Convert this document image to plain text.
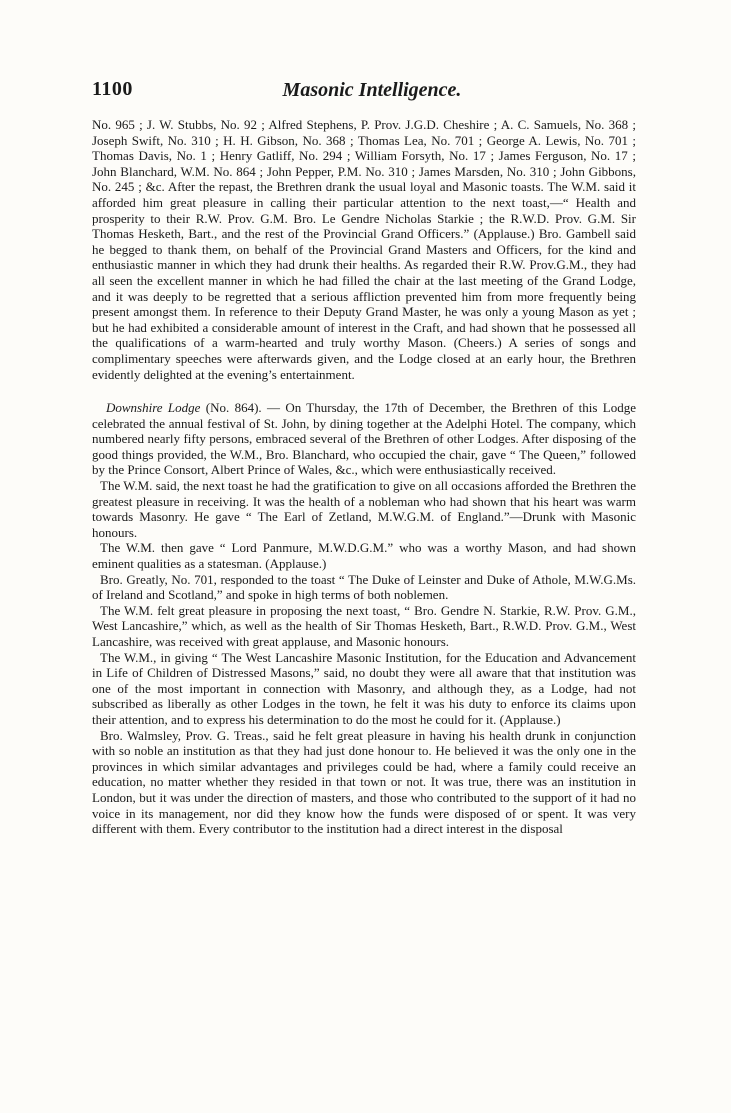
1100	Masonic Intelligence.

No. 965 ; J. W. Stubbs, No. 92 ; Alfred Stephens, P. Prov. J.G.D. Cheshire ; A. C. Samuels, No. 368 ; Joseph Swift, No. 310 ; H. H. Gibson, No. 368 ; Thomas Lea, No. 701 ; George A. Lewis, No. 701 ; Thomas Davis, No. 1 ; Henry Gatliff, No. 294 ; William Forsyth, No. 17 ; James Ferguson, No. 17 ; John Blanchard, W.M. No. 864 ; John Pepper, P.M. No. 310 ; James Marsden, No. 310 ; John Gibbons, No. 245 ; &c. After the repast, the Brethren drank the usual loyal and Masonic toasts. The W.M. said it afforded him great pleasure in calling their particular attention to the next toast,—“ Health and prosperity to their R.W. Prov. G.M. Bro. Le Gendre Nicholas Starkie ; the R.W.D. Prov. G.M. Sir Thomas Hesketh, Bart., and the rest of the Provincial Grand Officers.” (Applause.) Bro. Gambell said he begged to thank them, on behalf of the Provincial Grand Masters and Officers, for the kind and enthusiastic manner in which they had drunk their healths. As regarded their R.W. Prov.G.M., they had all seen the excellent manner in which he had filled the chair at the last meeting of the Grand Lodge, and it was deeply to be regretted that a serious affliction prevented him from more frequently being present amongst them. In reference to their Deputy Grand Master, he was only a young Mason as yet ; but he had exhibited a considerable amount of interest in the Craft, and had shown that he possessed all the qualifications of a warm-hearted and truly worthy Mason. (Cheers.) A series of songs and complimentary speeches were afterwards given, and the Lodge closed at an early hour, the Brethren evidently delighted at the evening’s entertainment.

Downshire Lodge (No. 864). — On Thursday, the 17th of December, the Brethren of this Lodge celebrated the annual festival of St. John, by dining together at the Adelphi Hotel. The company, which numbered nearly fifty persons, embraced several of the Brethren of other Lodges. After disposing of the good things provided, the W.M., Bro. Blanchard, who occupied the chair, gave “ The Queen,” followed by the Prince Consort, Albert Prince of Wales, &c., which were enthusiastically received.

The W.M. said, the next toast he had the gratification to give on all occasions afforded the Brethren the greatest pleasure in receiving. It was the health of a nobleman who had shown that his heart was warm towards Masonry. He gave “ The Earl of Zetland, M.W.G.M. of England.”—Drunk with Masonic honours.

The W.M. then gave “ Lord Panmure, M.W.D.G.M.” who was a worthy Mason, and had shown eminent qualities as a statesman. (Applause.)

Bro. Greatly, No. 701, responded to the toast “ The Duke of Leinster and Duke of Athole, M.W.G.Ms. of Ireland and Scotland,” and spoke in high terms of both noblemen.

The W.M. felt great pleasure in proposing the next toast, “ Bro. Gendre N. Starkie, R.W. Prov. G.M., West Lancashire,” which, as well as the health of Sir Thomas Hesketh, Bart., R.W.D. Prov. G.M., West Lancashire, was received with great applause, and Masonic honours.

The W.M., in giving “ The West Lancashire Masonic Institution, for the Education and Advancement in Life of Children of Distressed Masons,” said, no doubt they were all aware that that institution was one of the most important in connection with Masonry, and although they, as a Lodge, had not subscribed as liberally as other Lodges in the town, he felt it was his duty to enforce its claims upon their attention, and to express his determination to do the most he could for it. (Applause.)

Bro. Walmsley, Prov. G. Treas., said he felt great pleasure in having his health drunk in conjunction with so noble an institution as that they had just done honour to. He believed it was the only one in the provinces in which similar advantages and privileges could be had, where a family could receive an education, no matter whether they resided in that town or not. It was true, there was an institution in London, but it was under the direction of masters, and those who contributed to the support of it had no voice in its management, nor did they know how the funds were disposed of or spent. It was very different with them. Every contributor to the institution had a direct interest in the disposal
